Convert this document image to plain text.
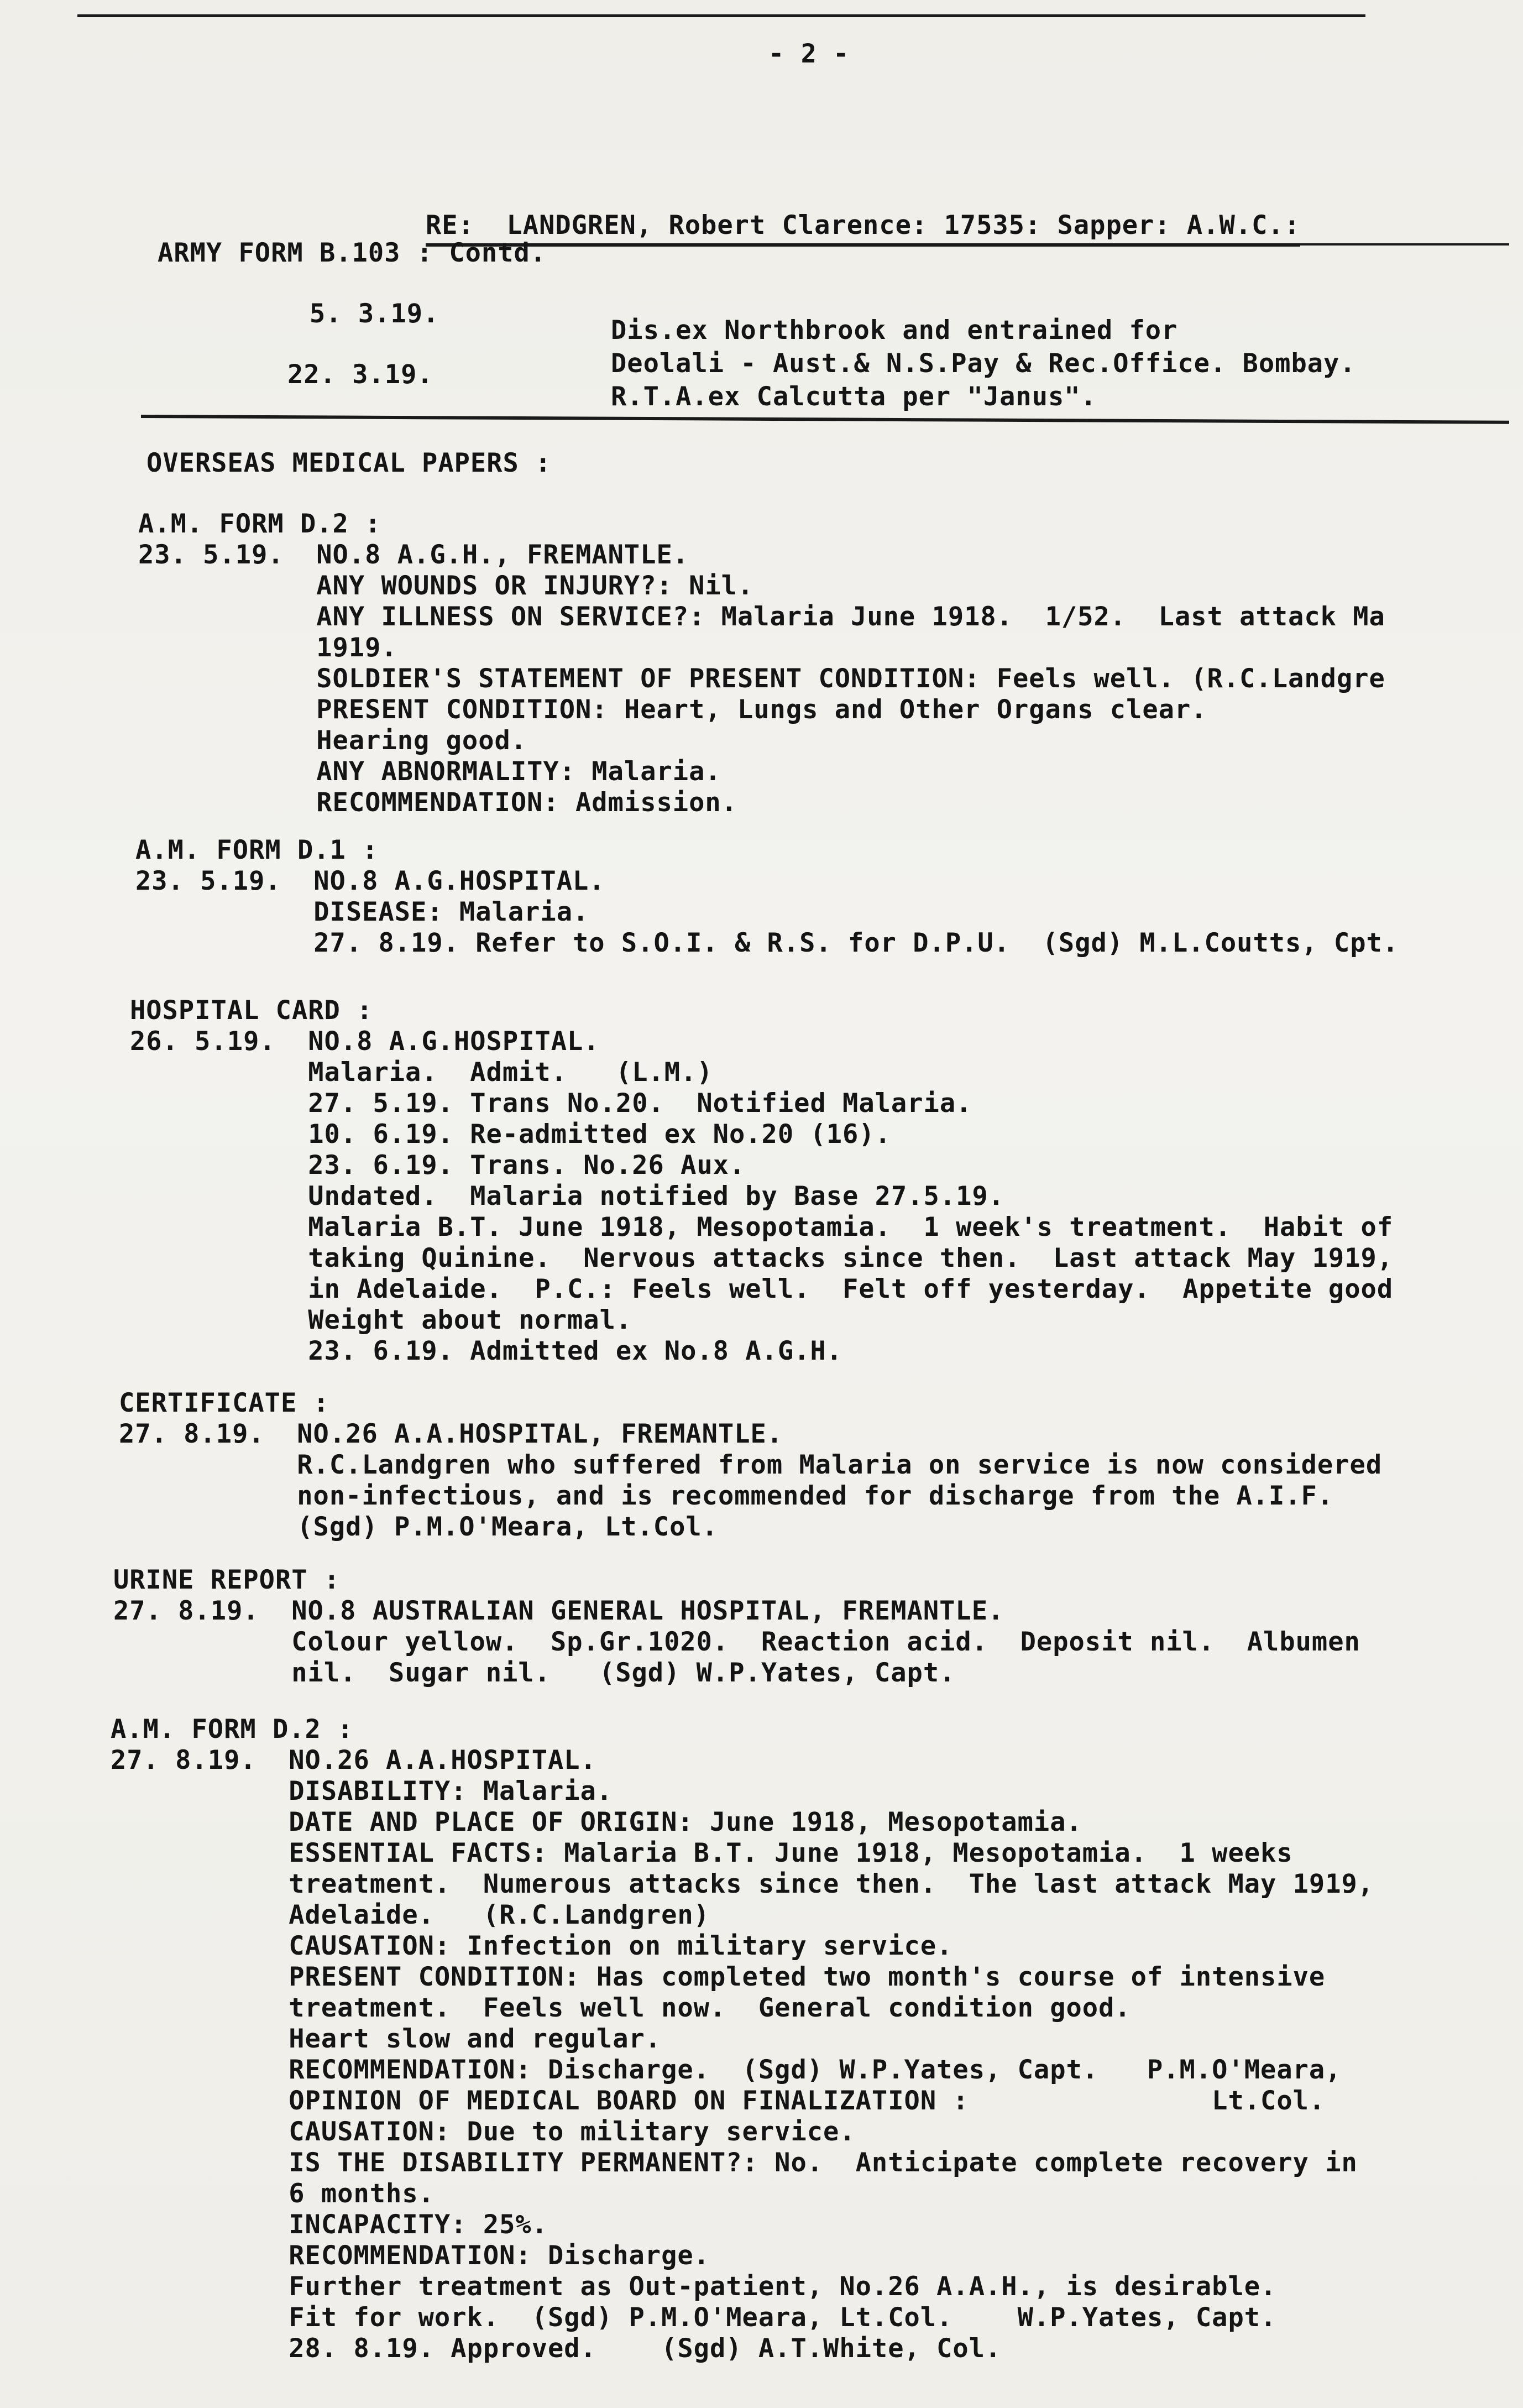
- 2 -
RE:  LANDGREN, Robert Clarence: 17535: Sapper: A.W.C.:
ARMY FORM B.103 : Contd.
5. 3.19.
Dis.ex Northbrook and entrained for
Deolali - Aust.& N.S.Pay & Rec.Office. Bombay.
22. 3.19.
R.T.A.ex Calcutta per "Janus".
OVERSEAS MEDICAL PAPERS :
A.M. FORM D.2 :
23. 5.19.  NO.8 A.G.H., FREMANTLE.
ANY WOUNDS OR INJURY?: Nil.
ANY ILLNESS ON SERVICE?: Malaria June 1918.  1/52.  Last attack Ma
1919.
SOLDIER'S STATEMENT OF PRESENT CONDITION: Feels well. (R.C.Landgre
PRESENT CONDITION: Heart, Lungs and Other Organs clear.
Hearing good.
ANY ABNORMALITY: Malaria.
RECOMMENDATION: Admission.
A.M. FORM D.1 :
23. 5.19.  NO.8 A.G.HOSPITAL.
DISEASE: Malaria.
27. 8.19. Refer to S.O.I. & R.S. for D.P.U.  (Sgd) M.L.Coutts, Cpt.
HOSPITAL CARD :
26. 5.19.  NO.8 A.G.HOSPITAL.
Malaria.  Admit.   (L.M.)
27. 5.19. Trans No.20.  Notified Malaria.
10. 6.19. Re-admitted ex No.20 (16).
23. 6.19. Trans. No.26 Aux.
Undated.  Malaria notified by Base 27.5.19.
Malaria B.T. June 1918, Mesopotamia.  1 week's treatment.  Habit of
taking Quinine.  Nervous attacks since then.  Last attack May 1919,
in Adelaide.  P.C.: Feels well.  Felt off yesterday.  Appetite good
Weight about normal.
23. 6.19. Admitted ex No.8 A.G.H.
CERTIFICATE :
27. 8.19.  NO.26 A.A.HOSPITAL, FREMANTLE.
R.C.Landgren who suffered from Malaria on service is now considered
non-infectious, and is recommended for discharge from the A.I.F.
(Sgd) P.M.O'Meara, Lt.Col.
URINE REPORT :
27. 8.19.  NO.8 AUSTRALIAN GENERAL HOSPITAL, FREMANTLE.
Colour yellow.  Sp.Gr.1020.  Reaction acid.  Deposit nil.  Albumen
nil.  Sugar nil.   (Sgd) W.P.Yates, Capt.
A.M. FORM D.2 :
27. 8.19.  NO.26 A.A.HOSPITAL.
DISABILITY: Malaria.
DATE AND PLACE OF ORIGIN: June 1918, Mesopotamia.
ESSENTIAL FACTS: Malaria B.T. June 1918, Mesopotamia.  1 weeks
treatment.  Numerous attacks since then.  The last attack May 1919,
Adelaide.   (R.C.Landgren)
CAUSATION: Infection on military service.
PRESENT CONDITION: Has completed two month's course of intensive
treatment.  Feels well now.  General condition good.
Heart slow and regular.
RECOMMENDATION: Discharge.  (Sgd) W.P.Yates, Capt.   P.M.O'Meara,
OPINION OF MEDICAL BOARD ON FINALIZATION :               Lt.Col.
CAUSATION: Due to military service.
IS THE DISABILITY PERMANENT?: No.  Anticipate complete recovery in
6 months.
INCAPACITY: 25%.
RECOMMENDATION: Discharge.
Further treatment as Out-patient, No.26 A.A.H., is desirable.
Fit for work.  (Sgd) P.M.O'Meara, Lt.Col.    W.P.Yates, Capt.
28. 8.19. Approved.    (Sgd) A.T.White, Col.
